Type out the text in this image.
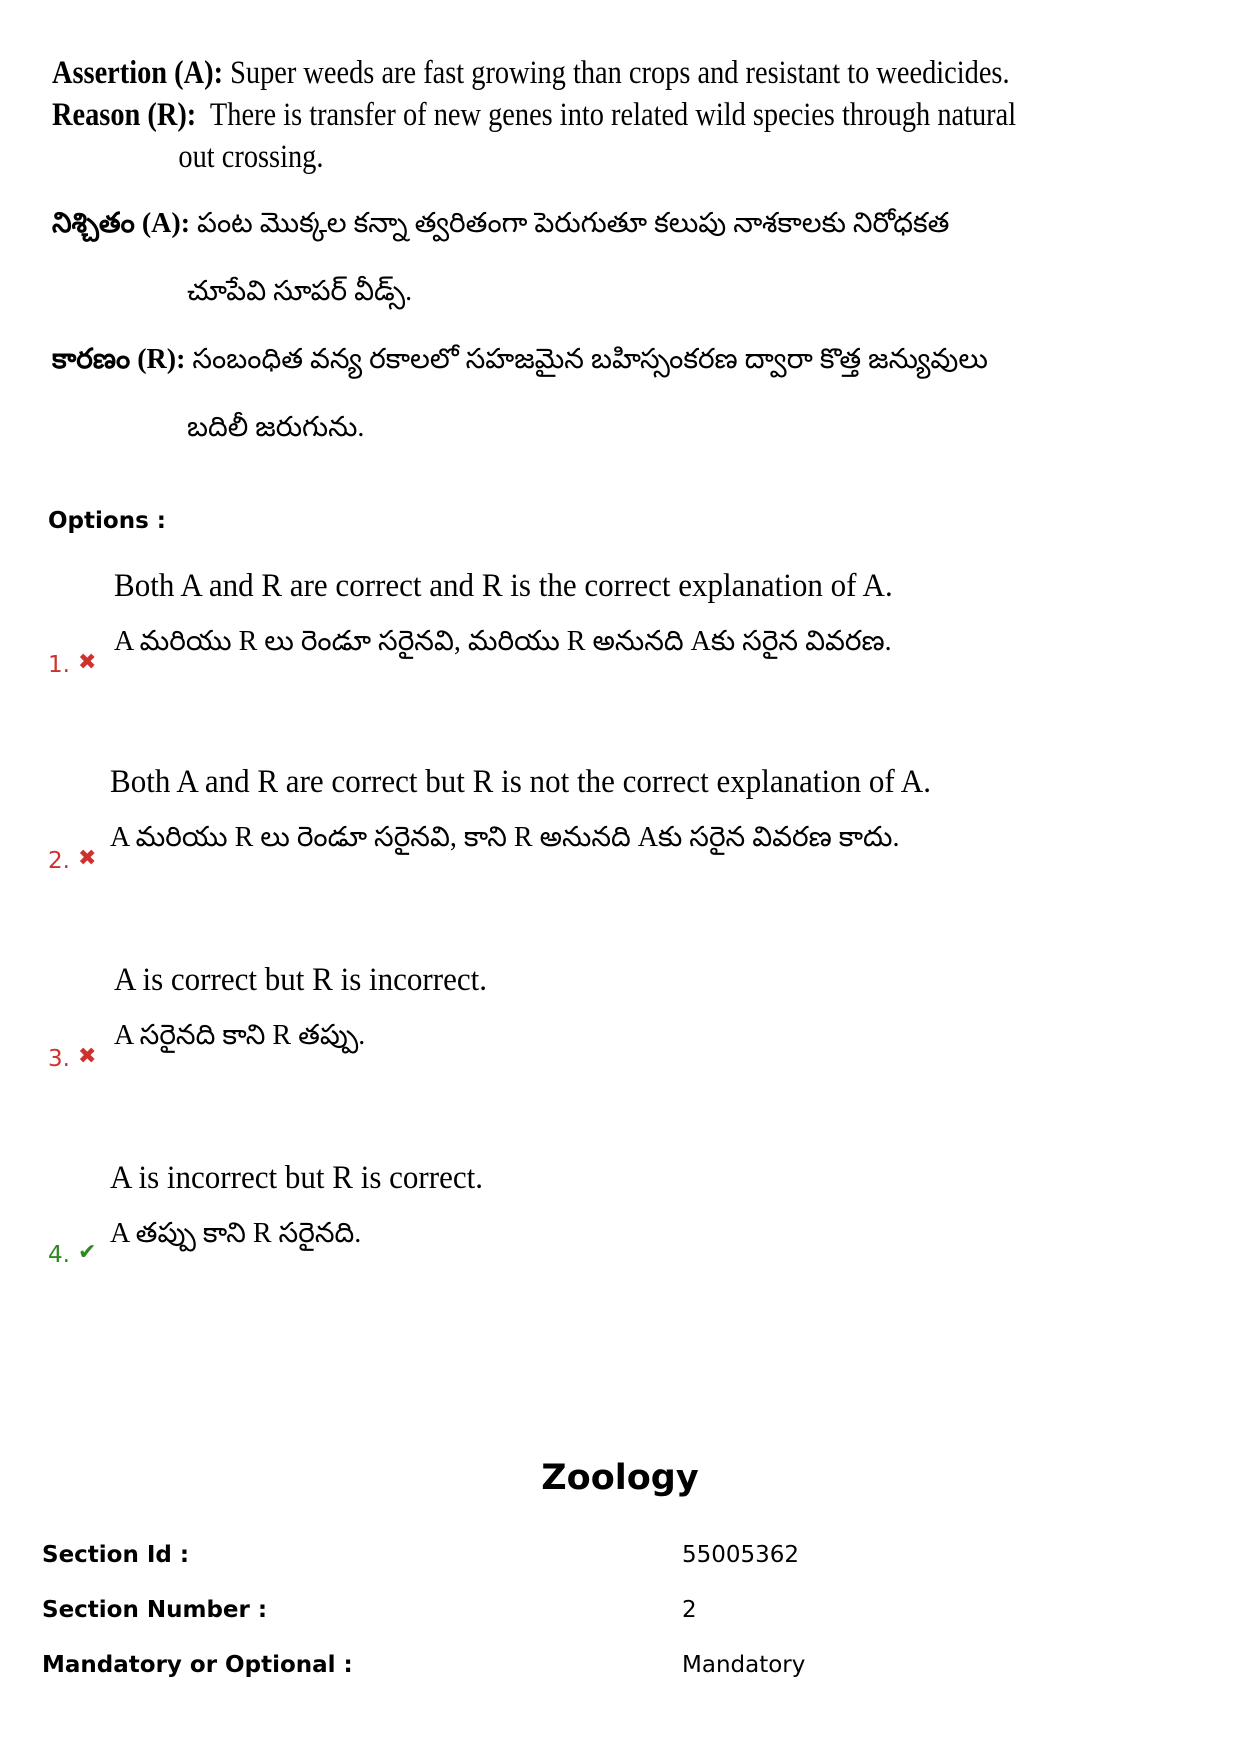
Assertion (A): Super weeds are fast growing than crops and resistant to weedicides.
Reason (R): There is transfer of new genes into related wild species through natural
out crossing.
నిశ్చితం (A): పంట మొక్కల కన్నా త్వరితంగా పెరుగుతూ కలుపు నాశకాలకు నిరోధకత
చూపేవి సూపర్ వీడ్స్.
కారణం (R): సంబంధిత వన్య రకాలలో సహజమైన బహిస్సంకరణ ద్వారా కొత్త జన్యువులు
బదిలీ జరుగును.
Options :
Both A and R are correct and R is the correct explanation of A.
A మరియు R లు రెండూ సరైనవి, మరియు R అనునది Aకు సరైన వివరణ.
1. ✖
Both A and R are correct but R is not the correct explanation of A.
A మరియు R లు రెండూ సరైనవి, కాని R అనునది Aకు సరైన వివరణ కాదు.
2. ✖
A is correct but R is incorrect.
A సరైనది కాని R తప్పు.
3. ✖
A is incorrect but R is correct.
A తప్పు కాని R సరైనది.
4. ✔
Zoology
Section Id :	55005362
Section Number :	2
Mandatory or Optional :	Mandatory
